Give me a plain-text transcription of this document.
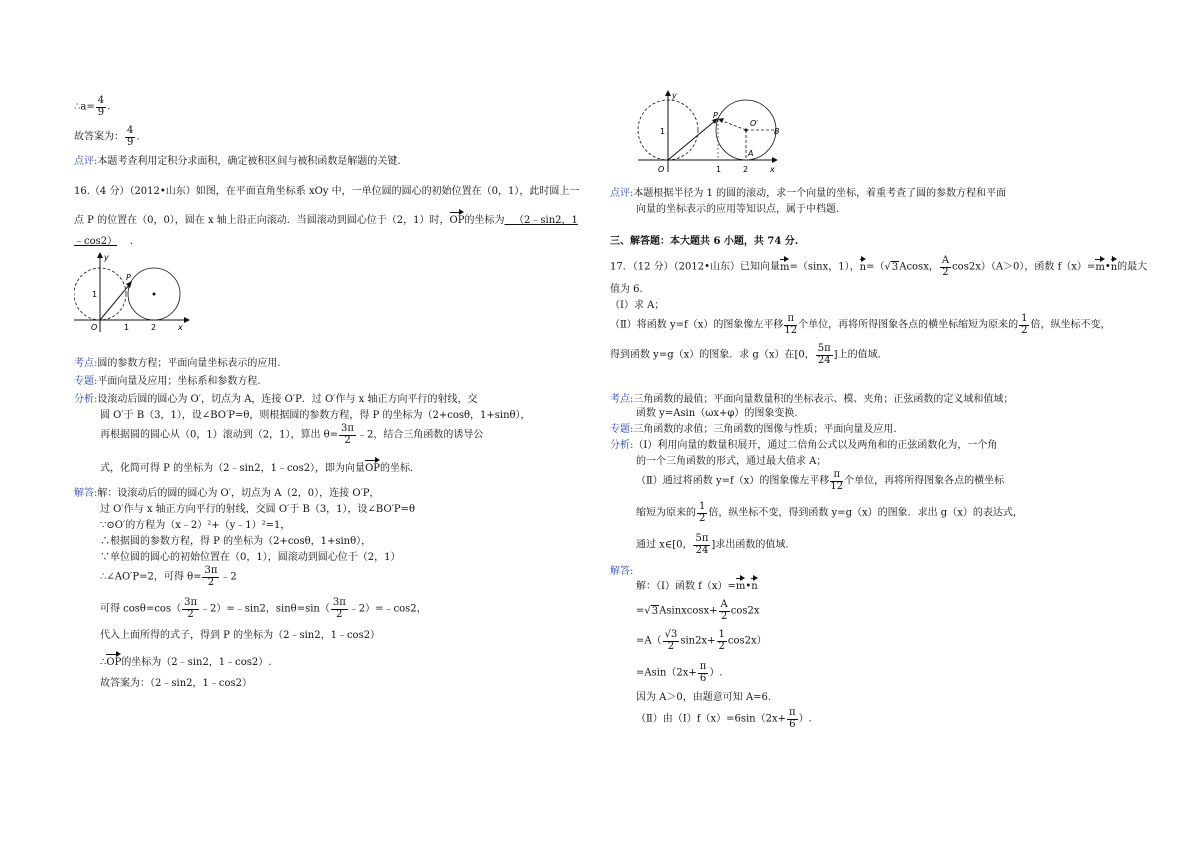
∴a= $\frac{4}{9}$ .
故答案为： $\frac{4}{9}$ .
点评:本题考查利用定积分求面积，确定被积区间与被积函数是解题的关键.
16.（4 分）（2012•山东）如图，在平面直角坐标系 xOy 中，一单位圆的圆心的初始位置在（0，1），此时圆上一
点 P 的位置在（0，0），圆在 x 轴上沿正向滚动．当圆滚动到圆心位于（2，1）时，OP的坐标为 （2﹣sin2，1
﹣cos2） ．
y
x
O
P
1	2
1
考点:圆的参数方程；平面向量坐标表示的应用.
专题:平面向量及应用；坐标系和参数方程.
分析:设滚动后圆的圆心为 O′，切点为 A，连接 O′P．过 O′作与 x 轴正方向平行的射线，交
圆 O′于 B（3，1），设∠BO′P=θ，则根据圆的参数方程，得 P 的坐标为（2+cosθ，1+sinθ），
再根据圆的圆心从（0，1）滚动到（2，1），算出 $\theta= \frac{3\pi}{2}$ ﹣2，结合三角函数的诱导公
式，化简可得 P 的坐标为（2﹣sin2，1﹣cos2），即为向量OP的坐标.
解答:解：设滚动后的圆的圆心为 O′，切点为 A（2，0），连接 O′P，
过 O′作与 x 轴正方向平行的射线，交圆 O′于 B（3，1），设∠BO′P=θ
∵⊙O′的方程为（x﹣2）²+（y﹣1）²=1，
∴根据圆的参数方程，得 P 的坐标为（2+cosθ，1+sinθ），
∵单位圆的圆心的初始位置在（0，1），圆滚动到圆心位于（2，1）
∴∠AO′P=2，可得 $\theta= \frac{3\pi}{2}$ ﹣2
可得 $\cos\theta=\cos( \frac{3\pi}{2}$ ﹣2）=﹣sin2，$\sin\theta=\sin( \frac{3\pi}{2}$ ﹣2）=﹣cos2，
代入上面所得的式子，得到 P 的坐标为（2﹣sin2，1﹣cos2）
∴OP的坐标为（2﹣sin2，1﹣cos2）.
故答案为：（2﹣sin2，1﹣cos2）
y
x
O
P
O′
B
A
1	2
1
点评:本题根据半径为 1 的圆的滚动，求一个向量的坐标，着重考查了圆的参数方程和平面
向量的坐标表示的应用等知识点，属于中档题.
三、解答题：本大题共 6 小题，共 74 分.
17．（12 分）（2012•山东）已知向量m=（sinx，1），n=（√3Acosx， $\frac{A}{2} \cos 2x)(A>0)$，函数 f（x）=m•n的最大
值为 6.
（Ⅰ）求 A；
（Ⅱ）将函数 y=f（x）的图象像左平移 $\frac{\pi}{12}$ 个单位，再将所得图象各点的横坐标缩短为原来的 $\frac{1}{2}$ 倍，纵坐标不变，
得到函数 y=g（x）的图象．求 g（x）在[0， $\frac{5\pi}{24}$ ]上的值域.
考点:三角函数的最值；平面向量数量积的坐标表示、模、夹角；正弦函数的定义域和值域；
函数 y=Asin（ωx+φ）的图象变换.
专题:三角函数的求值；三角函数的图像与性质；平面向量及应用.
分析:（Ⅰ）利用向量的数量积展开，通过二倍角公式以及两角和的正弦函数化为，一个角
的一个三角函数的形式，通过最大值求 A；
（Ⅱ）通过将函数 y=f（x）的图象像左平移 $\frac{\pi}{12}$ 个单位，再将所得图象各点的横坐标
缩短为原来的 $\frac{1}{2}$ 倍，纵坐标不变，得到函数 y=g（x）的图象．求出 g（x）的表达式，
通过 x∈[0， $\frac{5\pi}{24}$ ]求出函数的值域.
解答:
解：（Ⅰ）函数 f（x）=m•n
=√3Asinxcosx+ $\frac{A}{2} \cos 2x$
$=A( \frac{√3}{2} \sin 2x+ \frac{1}{2} \cos 2x)$
$=Asin(2x+ \frac{\pi}{6}$ ）.
因为 A＞0，由题意可知 A=6.
（Ⅱ）由（Ⅰ）f（x）=6sin（2x+ $\frac{\pi}{6}$ ）.
